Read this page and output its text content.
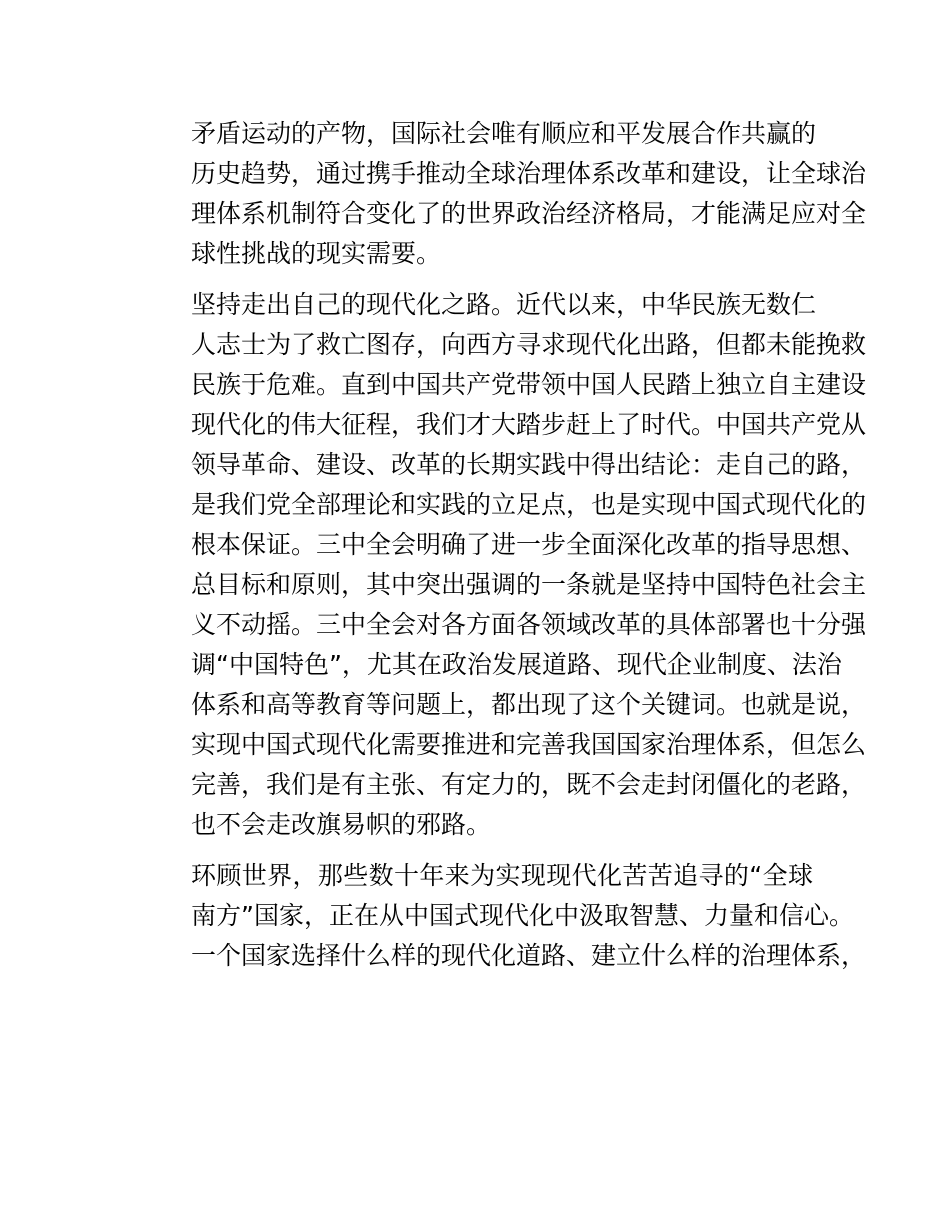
矛盾运动的产物，国际社会唯有顺应和平发展合作共赢的
历史趋势，通过携手推动全球治理体系改革和建设，让全球治
理体系机制符合变化了的世界政治经济格局，才能满足应对全
球性挑战的现实需要。

坚持走出自己的现代化之路。近代以来，中华民族无数仁
人志士为了救亡图存，向西方寻求现代化出路，但都未能挽救
民族于危难。直到中国共产党带领中国人民踏上独立自主建设
现代化的伟大征程，我们才大踏步赶上了时代。中国共产党从
领导革命、建设、改革的长期实践中得出结论：走自己的路，
是我们党全部理论和实践的立足点，也是实现中国式现代化的
根本保证。三中全会明确了进一步全面深化改革的指导思想、
总目标和原则，其中突出强调的一条就是坚持中国特色社会主
义不动摇。三中全会对各方面各领域改革的具体部署也十分强
调“中国特色”，尤其在政治发展道路、现代企业制度、法治
体系和高等教育等问题上，都出现了这个关键词。也就是说，
实现中国式现代化需要推进和完善我国国家治理体系，但怎么
完善，我们是有主张、有定力的，既不会走封闭僵化的老路，
也不会走改旗易帜的邪路。

环顾世界，那些数十年来为实现现代化苦苦追寻的“全球
南方”国家，正在从中国式现代化中汲取智慧、力量和信心。
一个国家选择什么样的现代化道路、建立什么样的治理体系，
